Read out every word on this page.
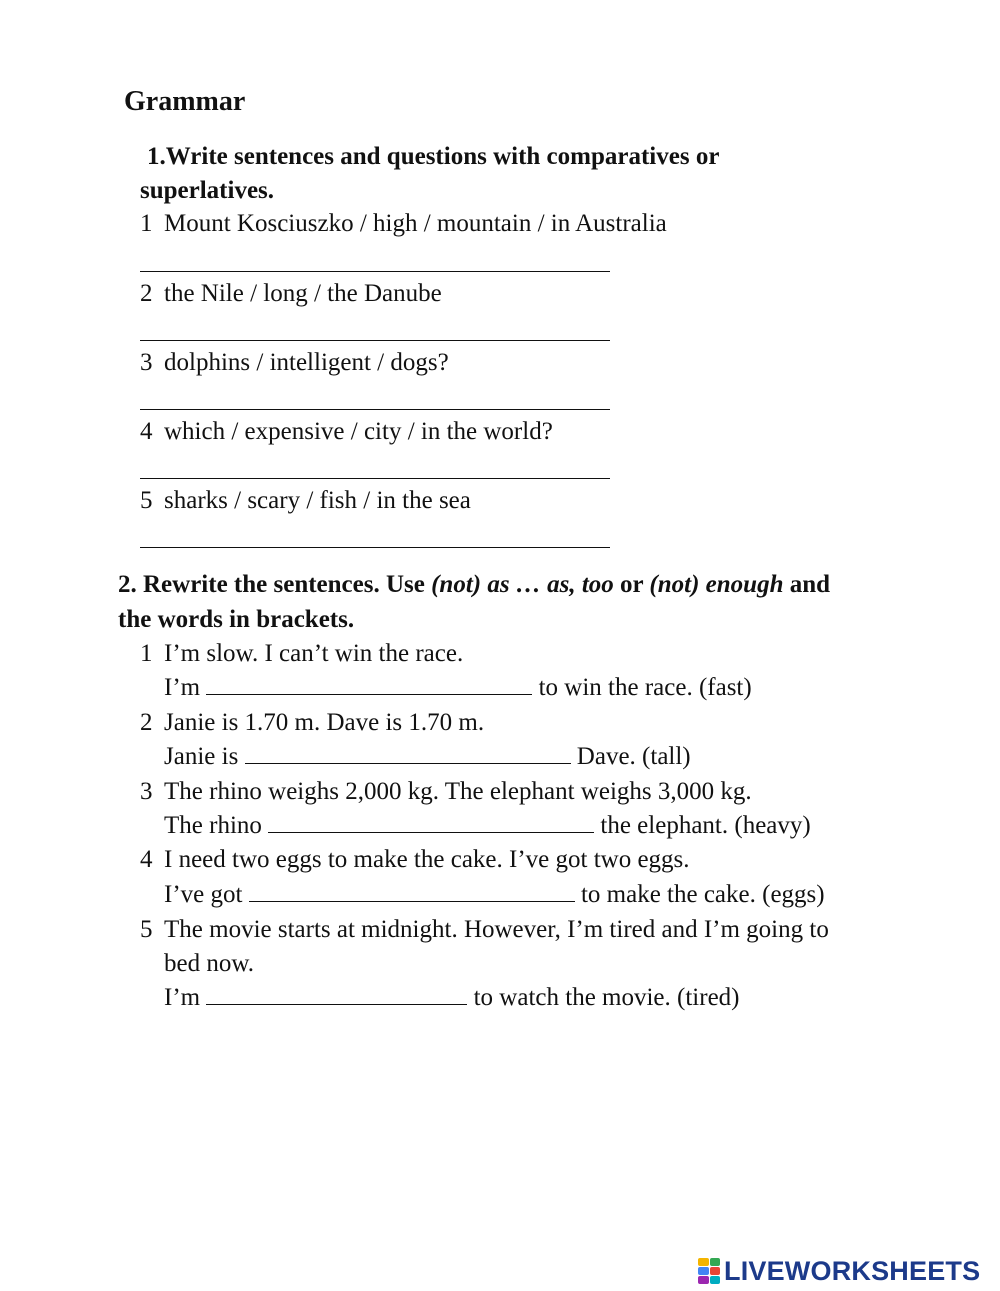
Grammar
1.Write sentences and questions with comparatives or
superlatives.
1 Mount Kosciuszko / high / mountain / in Australia
2 the Nile / long / the Danube
3 dolphins / intelligent / dogs?
4 which / expensive / city / in the world?
5 sharks / scary / fish / in the sea
2. Rewrite the sentences. Use (not) as … as, too or (not) enough and
the words in brackets.
1 I’m slow. I can’t win the race.
I’m	to win the race. (fast)
2 Janie is 1.70 m. Dave is 1.70 m.
Janie is	Dave. (tall)
3 The rhino weighs 2,000 kg. The elephant weighs 3,000 kg.
The rhino	the elephant. (heavy)
4 I need two eggs to make the cake. I’ve got two eggs.
I’ve got	to make the cake. (eggs)
5 The movie starts at midnight. However, I’m tired and I’m going to
bed now.
I’m	to watch the movie. (tired)
LIVEWORKSHEETS
